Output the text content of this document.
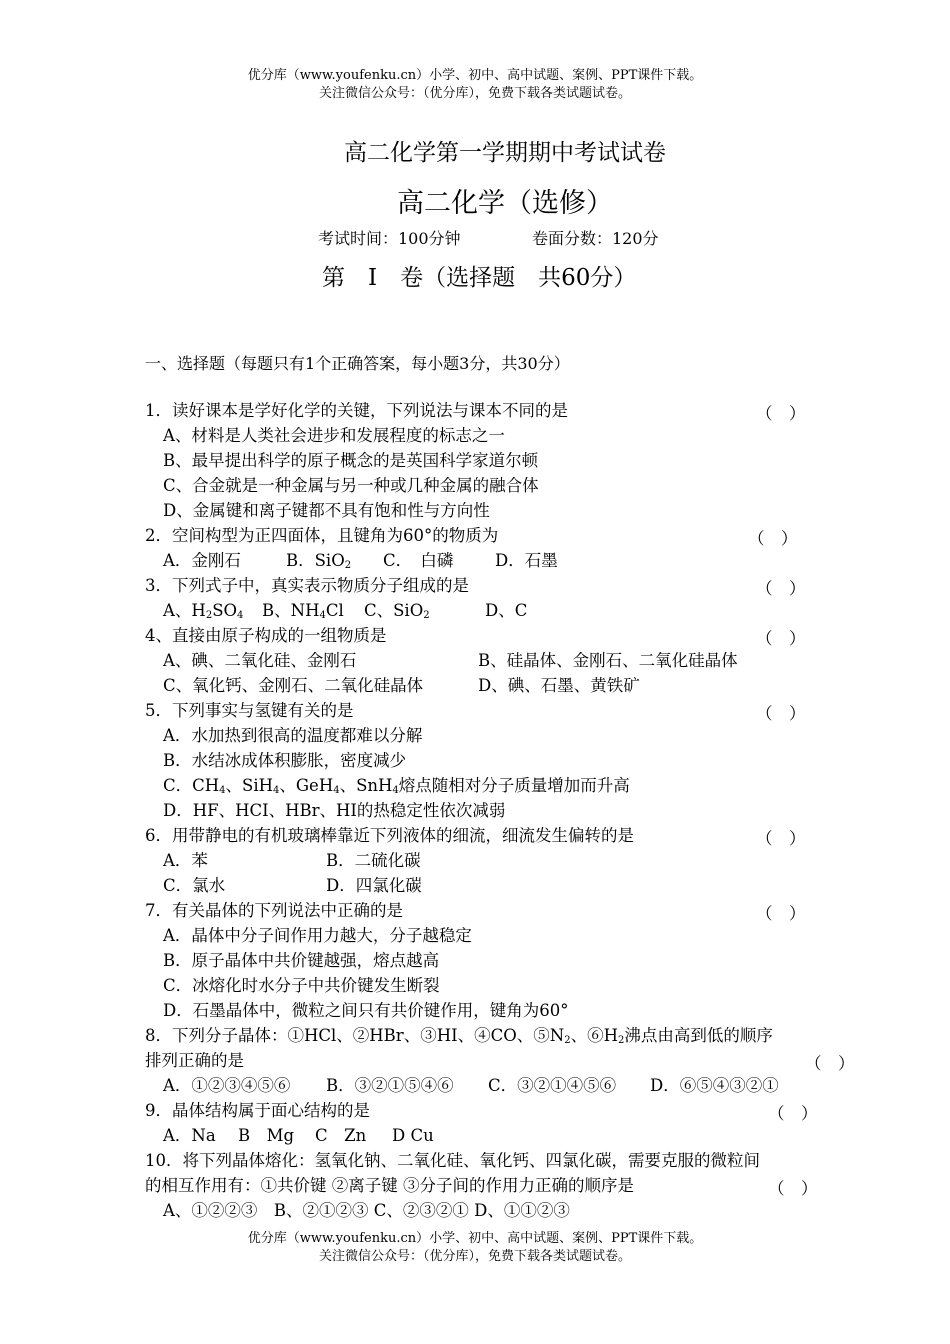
优分库（www.youfenku.cn）小学、初中、高中试题、案例、PPT课件下载。
关注微信公众号：（优分库），免费下载各类试题试卷。
高二化学第一学期期中考试试卷
高二化学（选修）
考试时间：100分钟	卷面分数：120分
第　I　卷（选择题　共60分）
一、选择题（每题只有1个正确答案，每小题3分，共30分）
1．读好课本是学好化学的关键，下列说法与课本不同的是	（　）
A、材料是人类社会进步和发展程度的标志之一
B、最早提出科学的原子概念的是英国科学家道尔顿
C、合金就是一种金属与另一种或几种金属的融合体
D、金属键和离子键都不具有饱和性与方向性
2．空间构型为正四面体，且键角为60°的物质为	（　）
A．金刚石	B．SiO$_2$ C．　白磷	D．石墨
3．下列式子中，真实表示物质分子组成的是	（　）
A、$H_2SO_4$ B、$NH_4Cl$ C、SiO$_2$	D、C
4、直接由原子构成的一组物质是	（　）
A、碘、二氧化硅、金刚石	B、硅晶体、金刚石、二氧化硅晶体
C、氧化钙、金刚石、二氧化硅晶体	D、碘、石墨、黄铁矿
5．下列事实与氢键有关的是	（　）
A．水加热到很高的温度都难以分解
B．水结冰成体积膨胀，密度减少
C．$CH_4$、SiH$_4$、GeH$_4$、SnH$_4$熔点随相对分子质量增加而升高
D．HF、HCI、HBr、HI的热稳定性依次减弱
6．用带静电的有机玻璃棒靠近下列液体的细流，细流发生偏转的是	（　）
A．苯	B．二硫化碳
C．氯水	D．四氯化碳
7．有关晶体的下列说法中正确的是	（　）
A．晶体中分子间作用力越大，分子越稳定
B．原子晶体中共价键越强，熔点越高
C．冰熔化时水分子中共价键发生断裂
D．石墨晶体中，微粒之间只有共价键作用，键角为60°
8．下列分子晶体：①HCl、②HBr、③HI、④CO、$⑤N_2$、$⑥H_2$沸点由高到低的顺序
排列正确的是	（　）
A．①②③④⑤⑥ B．③②①⑤④⑥ C．③②①④⑤⑥ D．⑥⑤④③②①
9．晶体结构属于面心结构的是	（　）
A．Na B　Mg C　Zn D Cu
10．将下列晶体熔化：氢氧化钠、二氧化硅、氧化钙、四氯化碳，需要克服的微粒间
的相互作用有：①共价键 ②离子键 ③分子间的作用力正确的顺序是	（　）
A、①②②③　B、②①②③ C、②③②① D、①①②③
优分库（www.youfenku.cn）小学、初中、高中试题、案例、PPT课件下载。
关注微信公众号：（优分库），免费下载各类试题试卷。
